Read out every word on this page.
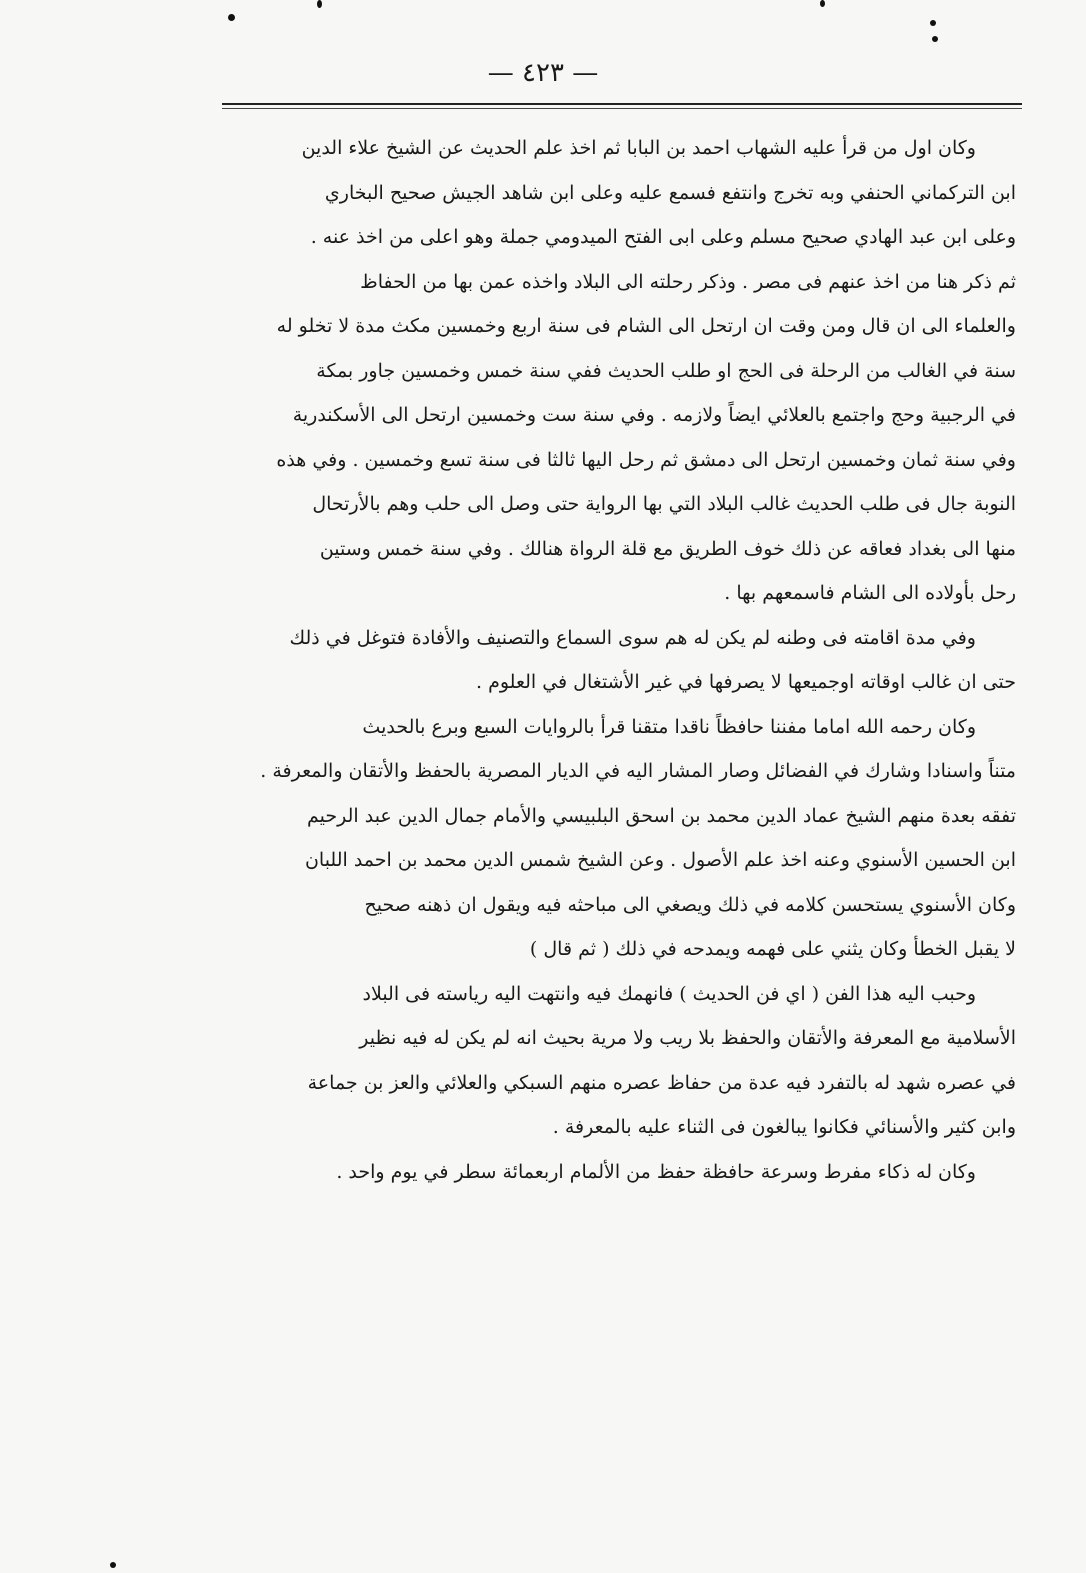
— ٤٢٣ —
وكان اول من قرأ عليه الشهاب احمد بن البابا ثم اخذ علم الحديث عن الشيخ علاء الدين
ابن التركماني الحنفي وبه تخرج وانتفع فسمع عليه وعلى ابن شاهد الجيش صحيح البخاري
وعلى ابن عبد الهادي صحيح مسلم وعلى ابى الفتح الميدومي جملة وهو اعلى من اخذ عنه .
ثم ذكر هنا من اخذ عنهم فى مصر . وذكر رحلته الى البلاد واخذه عمن بها من الحفاظ
والعلماء الى ان قال ومن وقت ان ارتحل الى الشام فى سنة اربع وخمسين مكث مدة لا تخلو له
سنة في الغالب من الرحلة فى الحج او طلب الحديث ففي سنة خمس وخمسين جاور بمكة
في الرجبية وحج واجتمع بالعلائي ايضاً ولازمه . وفي سنة ست وخمسين ارتحل الى الأسكندرية
وفي سنة ثمان وخمسين ارتحل الى دمشق ثم رحل اليها ثالثا فى سنة تسع وخمسين . وفي هذه
النوبة جال فى طلب الحديث غالب البلاد التي بها الرواية حتى وصل الى حلب وهم بالأرتحال
منها الى بغداد فعاقه عن ذلك خوف الطريق مع قلة الرواة هنالك . وفي سنة خمس وستين
رحل بأولاده الى الشام فاسمعهم بها .
وفي مدة اقامته فى وطنه لم يكن له هم سوى السماع والتصنيف والأفادة فتوغل في ذلك
حتى ان غالب اوقاته اوجميعها لا يصرفها في غير الأشتغال في العلوم .
وكان رحمه الله اماما مفننا حافظاً ناقدا متقنا قرأ بالروايات السبع وبرع بالحديث
متناً واسنادا وشارك في الفضائل وصار المشار اليه في الديار المصرية بالحفظ والأتقان والمعرفة .
تفقه بعدة منهم الشيخ عماد الدين محمد بن اسحق البلبيسي والأمام جمال الدين عبد الرحيم
ابن الحسين الأسنوي وعنه اخذ علم الأصول . وعن الشيخ شمس الدين محمد بن احمد اللبان
وكان الأسنوي يستحسن كلامه في ذلك ويصغي الى مباحثه فيه ويقول ان ذهنه صحيح
لا يقبل الخطأ وكان يثني على فهمه ويمدحه في ذلك ( ثم قال )
وحبب اليه هذا الفن ( اي فن الحديث ) فانهمك فيه وانتهت اليه رياسته فى البلاد
الأسلامية مع المعرفة والأتقان والحفظ بلا ريب ولا مرية بحيث انه لم يكن له فيه نظير
في عصره شهد له بالتفرد فيه عدة من حفاظ عصره منهم السبكي والعلائي والعز بن جماعة
وابن كثير والأسنائي فكانوا يبالغون فى الثناء عليه بالمعرفة .
وكان له ذكاء مفرط وسرعة حافظة حفظ من الألمام اربعمائة سطر في يوم واحد .
